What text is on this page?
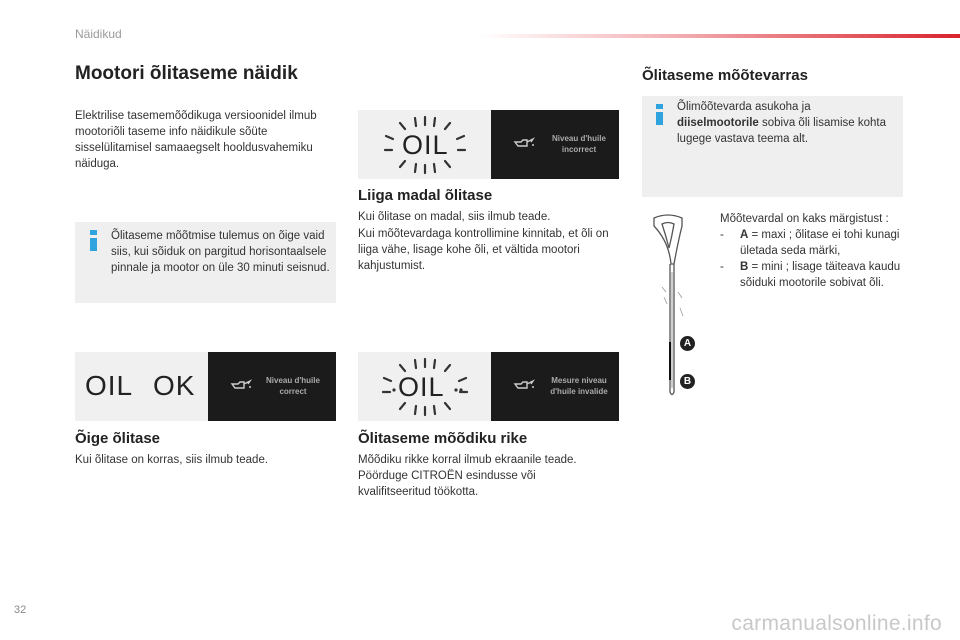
Näidikud
Mootori õlitaseme näidik
Elektrilise tasememõõdikuga versioonidel ilmub mootoriõli taseme info näidikule sõüte sisselülitamisel samaaegselt hooldusvahemiku näiduga.
Õlitaseme mõõtmise tulemus on õige vaid siis, kui sõiduk on pargitud horisontaalsele pinnale ja mootor on üle 30 minuti seisnud.
OIL OK	Niveau d'huile
correct
Õige õlitase
Kui õlitase on korras, siis ilmub teade.
OIL	Niveau d'huile
incorrect
Liiga madal õlitase
Kui õlitase on madal, siis ilmub teade.
Kui mõõtevardaga kontrollimine kinnitab, et õli on liiga vähe, lisage kohe õli, et vältida mootori kahjustumist.
OIL	Mesure niveau
d'huile invalide
Õlitaseme mõõdiku rike
Mõõdiku rikke korral ilmub ekraanile teade. Pöörduge CITROËN esindusse või kvalifitseeritud töökotta.
Õlitaseme mõõtevarras
Õlimõõtevarda asukoha ja
diiselmootorile sobiva õli lisamise kohta lugege vastava teema alt.
A
B
Mõõtevardal on kaks märgistust :
- A = maxi ; õlitase ei tohi kunagi ületada seda märki,
- B = mini ; lisage täiteava kaudu sõiduki mootorile sobivat õli.
32
carmanualsonline.info
